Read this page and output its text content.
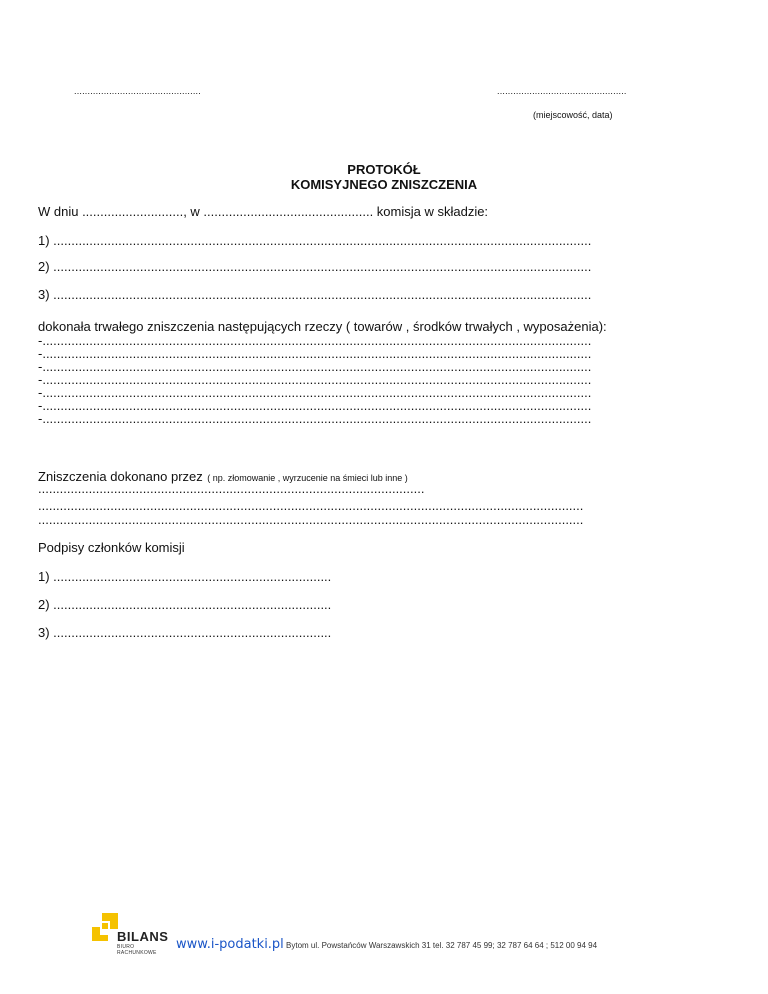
...............................................	................................................
(miejscowość, data)
PROTOKÓŁ
KOMISYJNEGO ZNISZCZENIA
W dniu ............................, w ............................................... komisja w składzie:
1) .....................................................................................................................................................
2) .....................................................................................................................................................
3) .....................................................................................................................................................
dokonała trwałego zniszczenia następujących rzeczy ( towarów , środków trwałych , wyposażenia):
-........................................................................................................................................................
-........................................................................................................................................................
-........................................................................................................................................................
-........................................................................................................................................................
-........................................................................................................................................................
-........................................................................................................................................................
-........................................................................................................................................................
Zniszczenia dokonano przez ( np. złomowanie , wyrzucenie na śmieci lub inne )
...........................................................................................................
.......................................................................................................................................................
.......................................................................................................................................................
Podpisy członków komisji
1) .............................................................................
2) .............................................................................
3) .............................................................................
BILANS
BIURO RACHUNKOWE
www.i-podatki.pl Bytom ul. Powstańców Warszawskich 31 tel. 32 787 45 99; 32 787 64 64 ; 512 00 94 94
